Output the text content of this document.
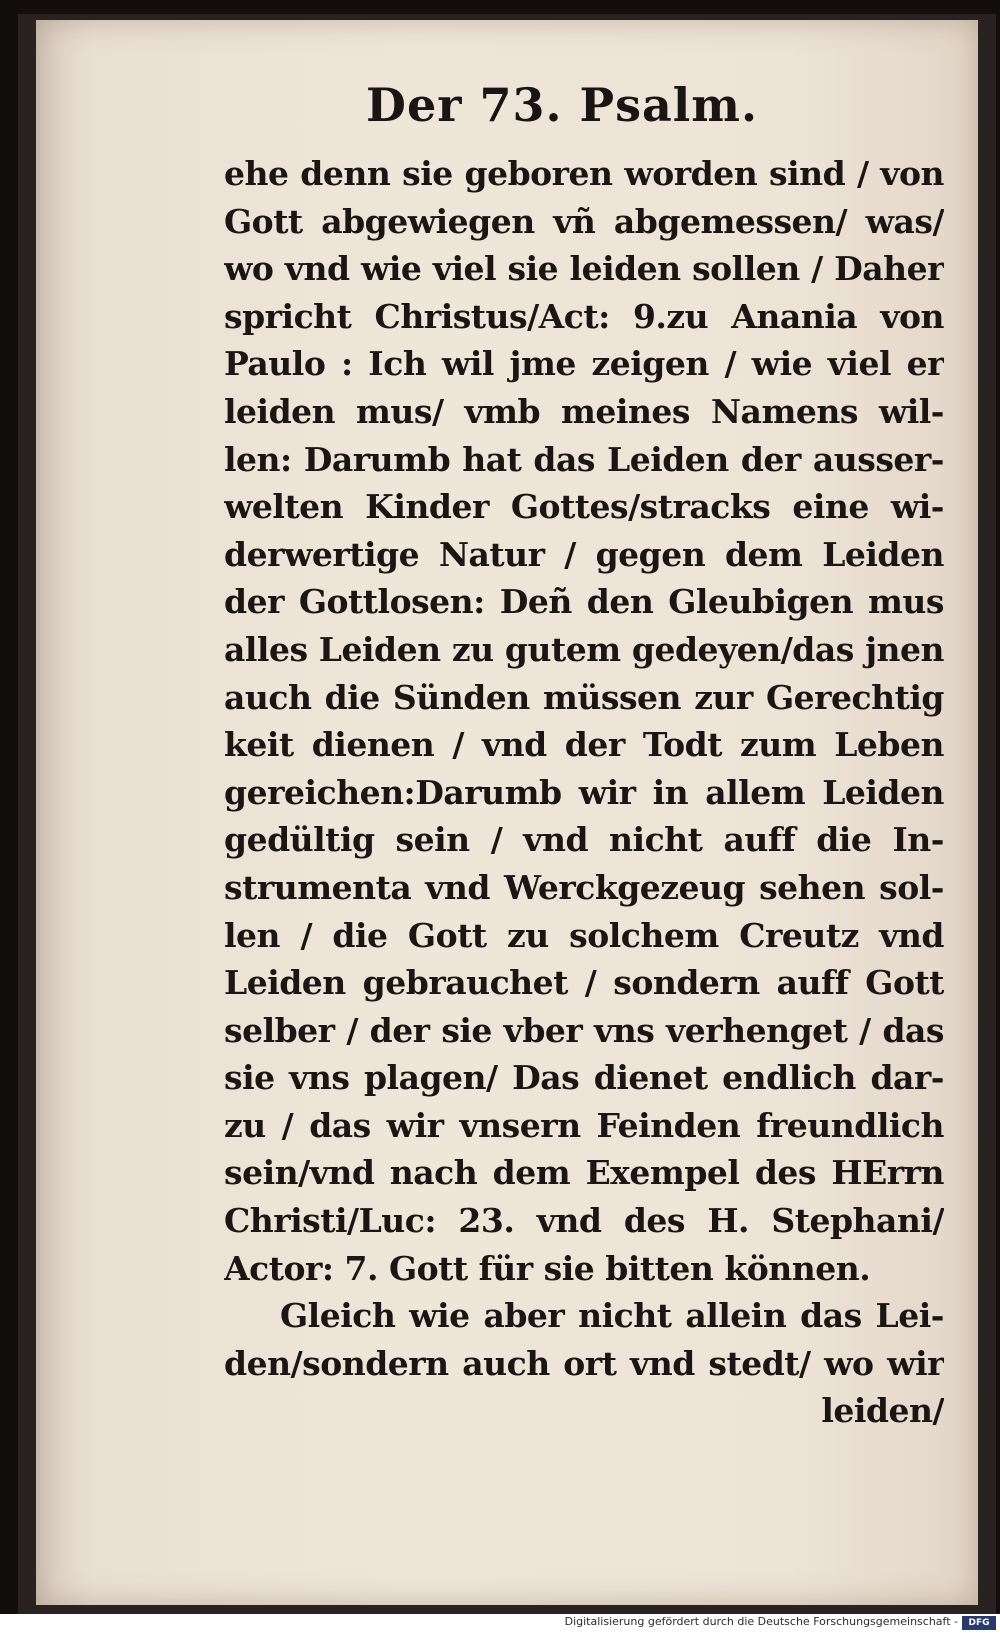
Der 73. Psalm.
ehe denn sie geboren worden sind / von
Gott abgewiegen vñ abgemessen/ was/
wo vnd wie viel sie leiden sollen / Daher
spricht Christus/Act: 9.zu Anania von
Paulo : Ich wil jme zeigen / wie viel er
leiden mus/ vmb meines Namens wil-
len: Darumb hat das Leiden der ausser-
welten Kinder Gottes/stracks eine wi-
derwertige Natur / gegen dem Leiden
der Gottlosen: Deñ den Gleubigen mus
alles Leiden zu gutem gedeyen/das jnen
auch die Sünden müssen zur Gerechtig
keit dienen / vnd der Todt zum Leben
gereichen:Darumb wir in allem Leiden
gedültig sein / vnd nicht auff die In-
strumenta vnd Werckgezeug sehen sol-
len / die Gott zu solchem Creutz vnd
Leiden gebrauchet / sondern auff Gott
selber / der sie vber vns verhenget / das
sie vns plagen/ Das dienet endlich dar-
zu / das wir vnsern Feinden freundlich
sein/vnd nach dem Exempel des HErrn
Christi/Luc: 23. vnd des H. Stephani/
Actor: 7. Gott für sie bitten können.
Gleich wie aber nicht allein das Lei-
den/sondern auch ort vnd stedt/ wo wir
leiden/
Digitalisierung gefördert durch die Deutsche Forschungsgemeinschaft -	DFG
